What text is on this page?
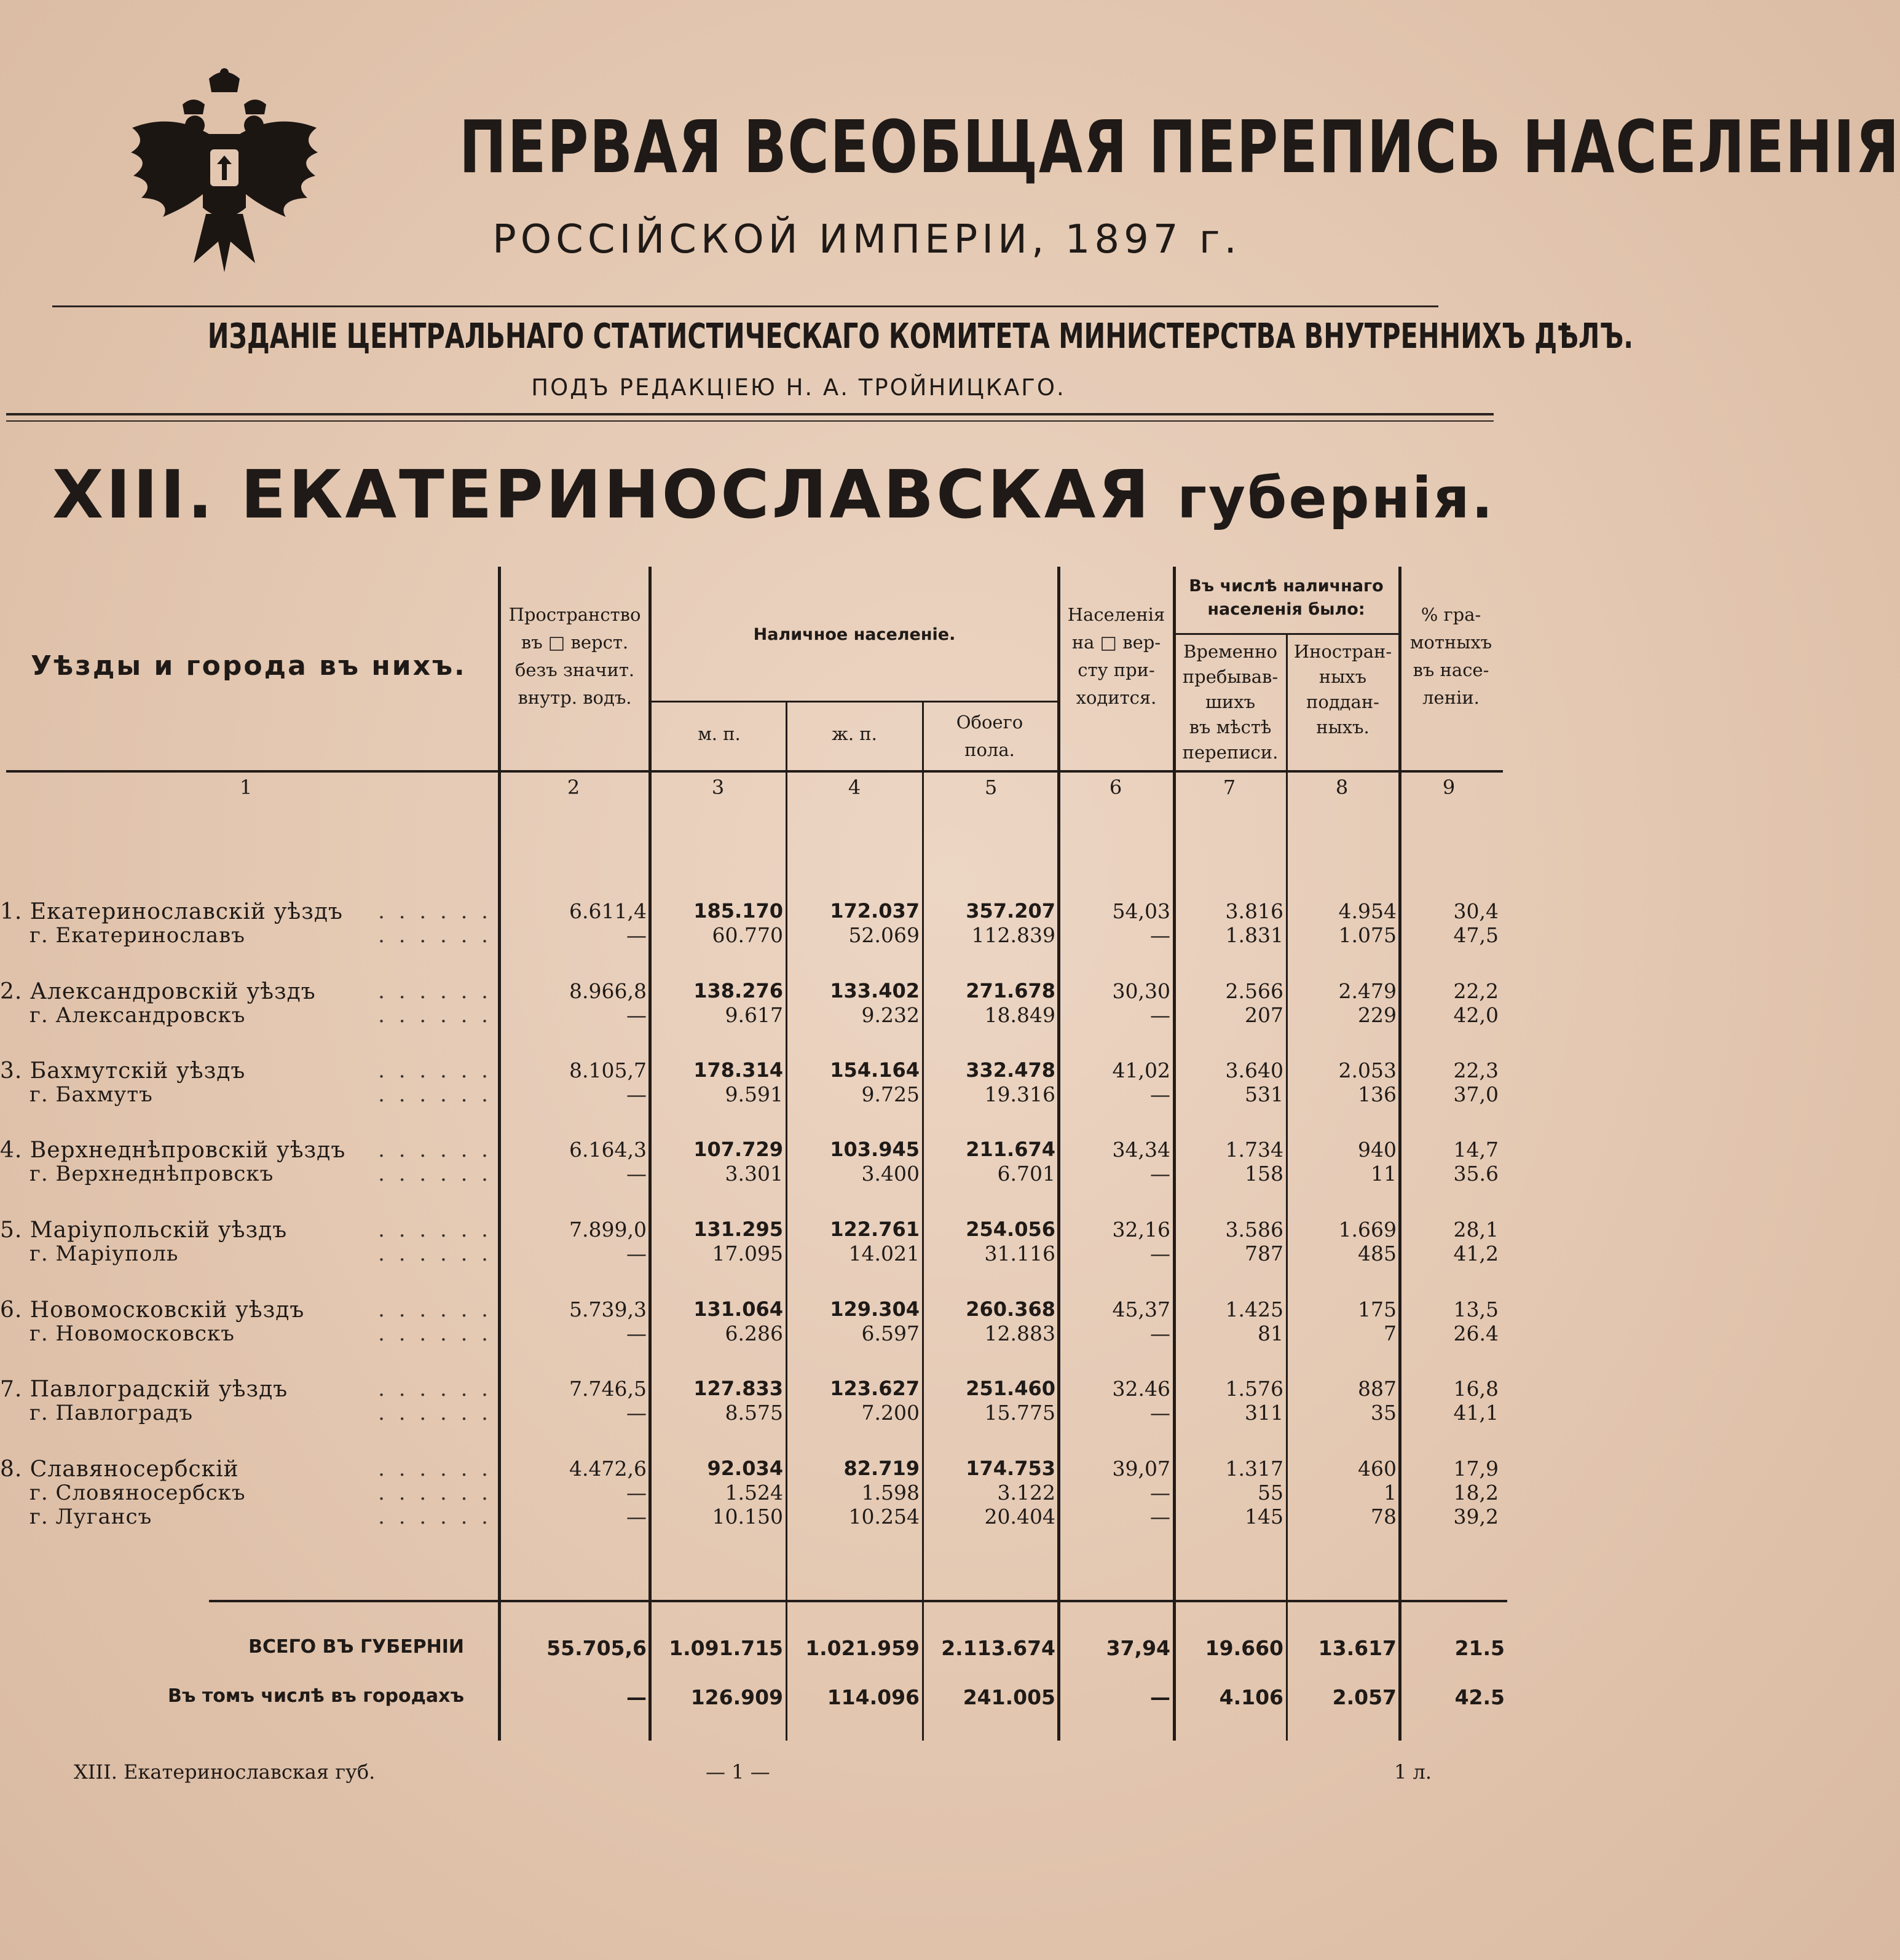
ПЕРВАЯ ВСЕОБЩАЯ ПЕРЕПИСЬ НАСЕЛЕНІЯ
РОССІЙСКОЙ ИМПЕРІИ, 1897 г.
ИЗДАНІЕ ЦЕНТРАЛЬНАГО СТАТИСТИЧЕСКАГО КОМИТЕТА МИНИСТЕРСТВА ВНУТРЕННИХЪ ДѢЛЪ.
ПОДЪ РЕДАКЦІЕЮ Н. А. ТРОЙНИЦКАГО.
XIII. ЕКАТЕРИНОСЛАВСКАЯ губернія.
Уѣзды и города въ нихъ.
Пространство
въ □ верст.
безъ значит.
внутр. водъ.
Наличное населеніе.
м. п.	ж. п.
Обоего
пола.
Населенія
на □ вер-
сту при-
ходится.
Въ числѣ наличнаго
населенія было:
Временно
пребывав-
шихъ
въ мѣстѣ
переписи.
Иностран-
ныхъ
поддан-
ныхъ.
% гра-
мотныхъ
въ насе-
леніи.
1	2	3	4	5	6	7	8	9
1. Екатеринославскій уѣздъ . . . . . .	6.611,4 185.170 172.037 357.207	54,03	3.816	4.954	30,4
г. Екатеринославъ	. . . . . .	—	60.770	52.069	112.839	—	1.831	1.075	47,5
2. Александровскій уѣздъ	. . . . . .	8.966,8 138.276 133.402 271.678	30,30	2.566	2.479	22,2
г. Александровскъ	. . . . . .	—	9.617	9.232	18.849	—	207	229	42,0
3. Бахмутскій уѣздъ	. . . . . .	8.105,7 178.314 154.164 332.478	41,02	3.640	2.053	22,3
г. Бахмутъ	. . . . . .	—	9.591	9.725	19.316	—	531	136	37,0
4. Верхнеднѣпровскій уѣздъ . . . . . .	6.164,3 107.729 103.945 211.674	34,34	1.734	940	14,7
г. Верхнеднѣпровскъ	. . . . . .	—	3.301	3.400	6.701	—	158	11	35.6
5. Маріупольскій уѣздъ	. . . . . .	7.899,0 131.295 122.761 254.056	32,16	3.586	1.669	28,1
г. Маріуполь	. . . . . .	—	17.095	14.021	31.116	—	787	485	41,2
6. Новомосковскій уѣздъ	. . . . . .	5.739,3 131.064 129.304 260.368	45,37	1.425	175	13,5
г. Новомосковскъ	. . . . . .	—	6.286	6.597	12.883	—	81	7	26.4
7. Павлоградскій уѣздъ	. . . . . .	7.746,5 127.833 123.627 251.460	32.46	1.576	887	16,8
г. Павлоградъ	. . . . . .	—	8.575	7.200	15.775	—	311	35	41,1
8. Славяносербскій	. . . . . .	4.472,6	92.034	82.719 174.753	39,07	1.317	460	17,9
г. Словяносербскъ	. . . . . .	—	1.524	1.598	3.122	—	55	1	18,2
г. Лугансъ	. . . . . .	—	10.150	10.254	20.404	—	145	78	39,2
ВСЕГО ВЪ ГУБЕРНІИ	55.705,6 1.091.715 1.021.959 2.113.674	37,94 19.660 13.617	21.5
Въ томъ числѣ въ городахъ	— 126.909 114.096 241.005	— 4.106 2.057	42.5
XIII. Екатеринославская губ.	— 1 —	1 л.
